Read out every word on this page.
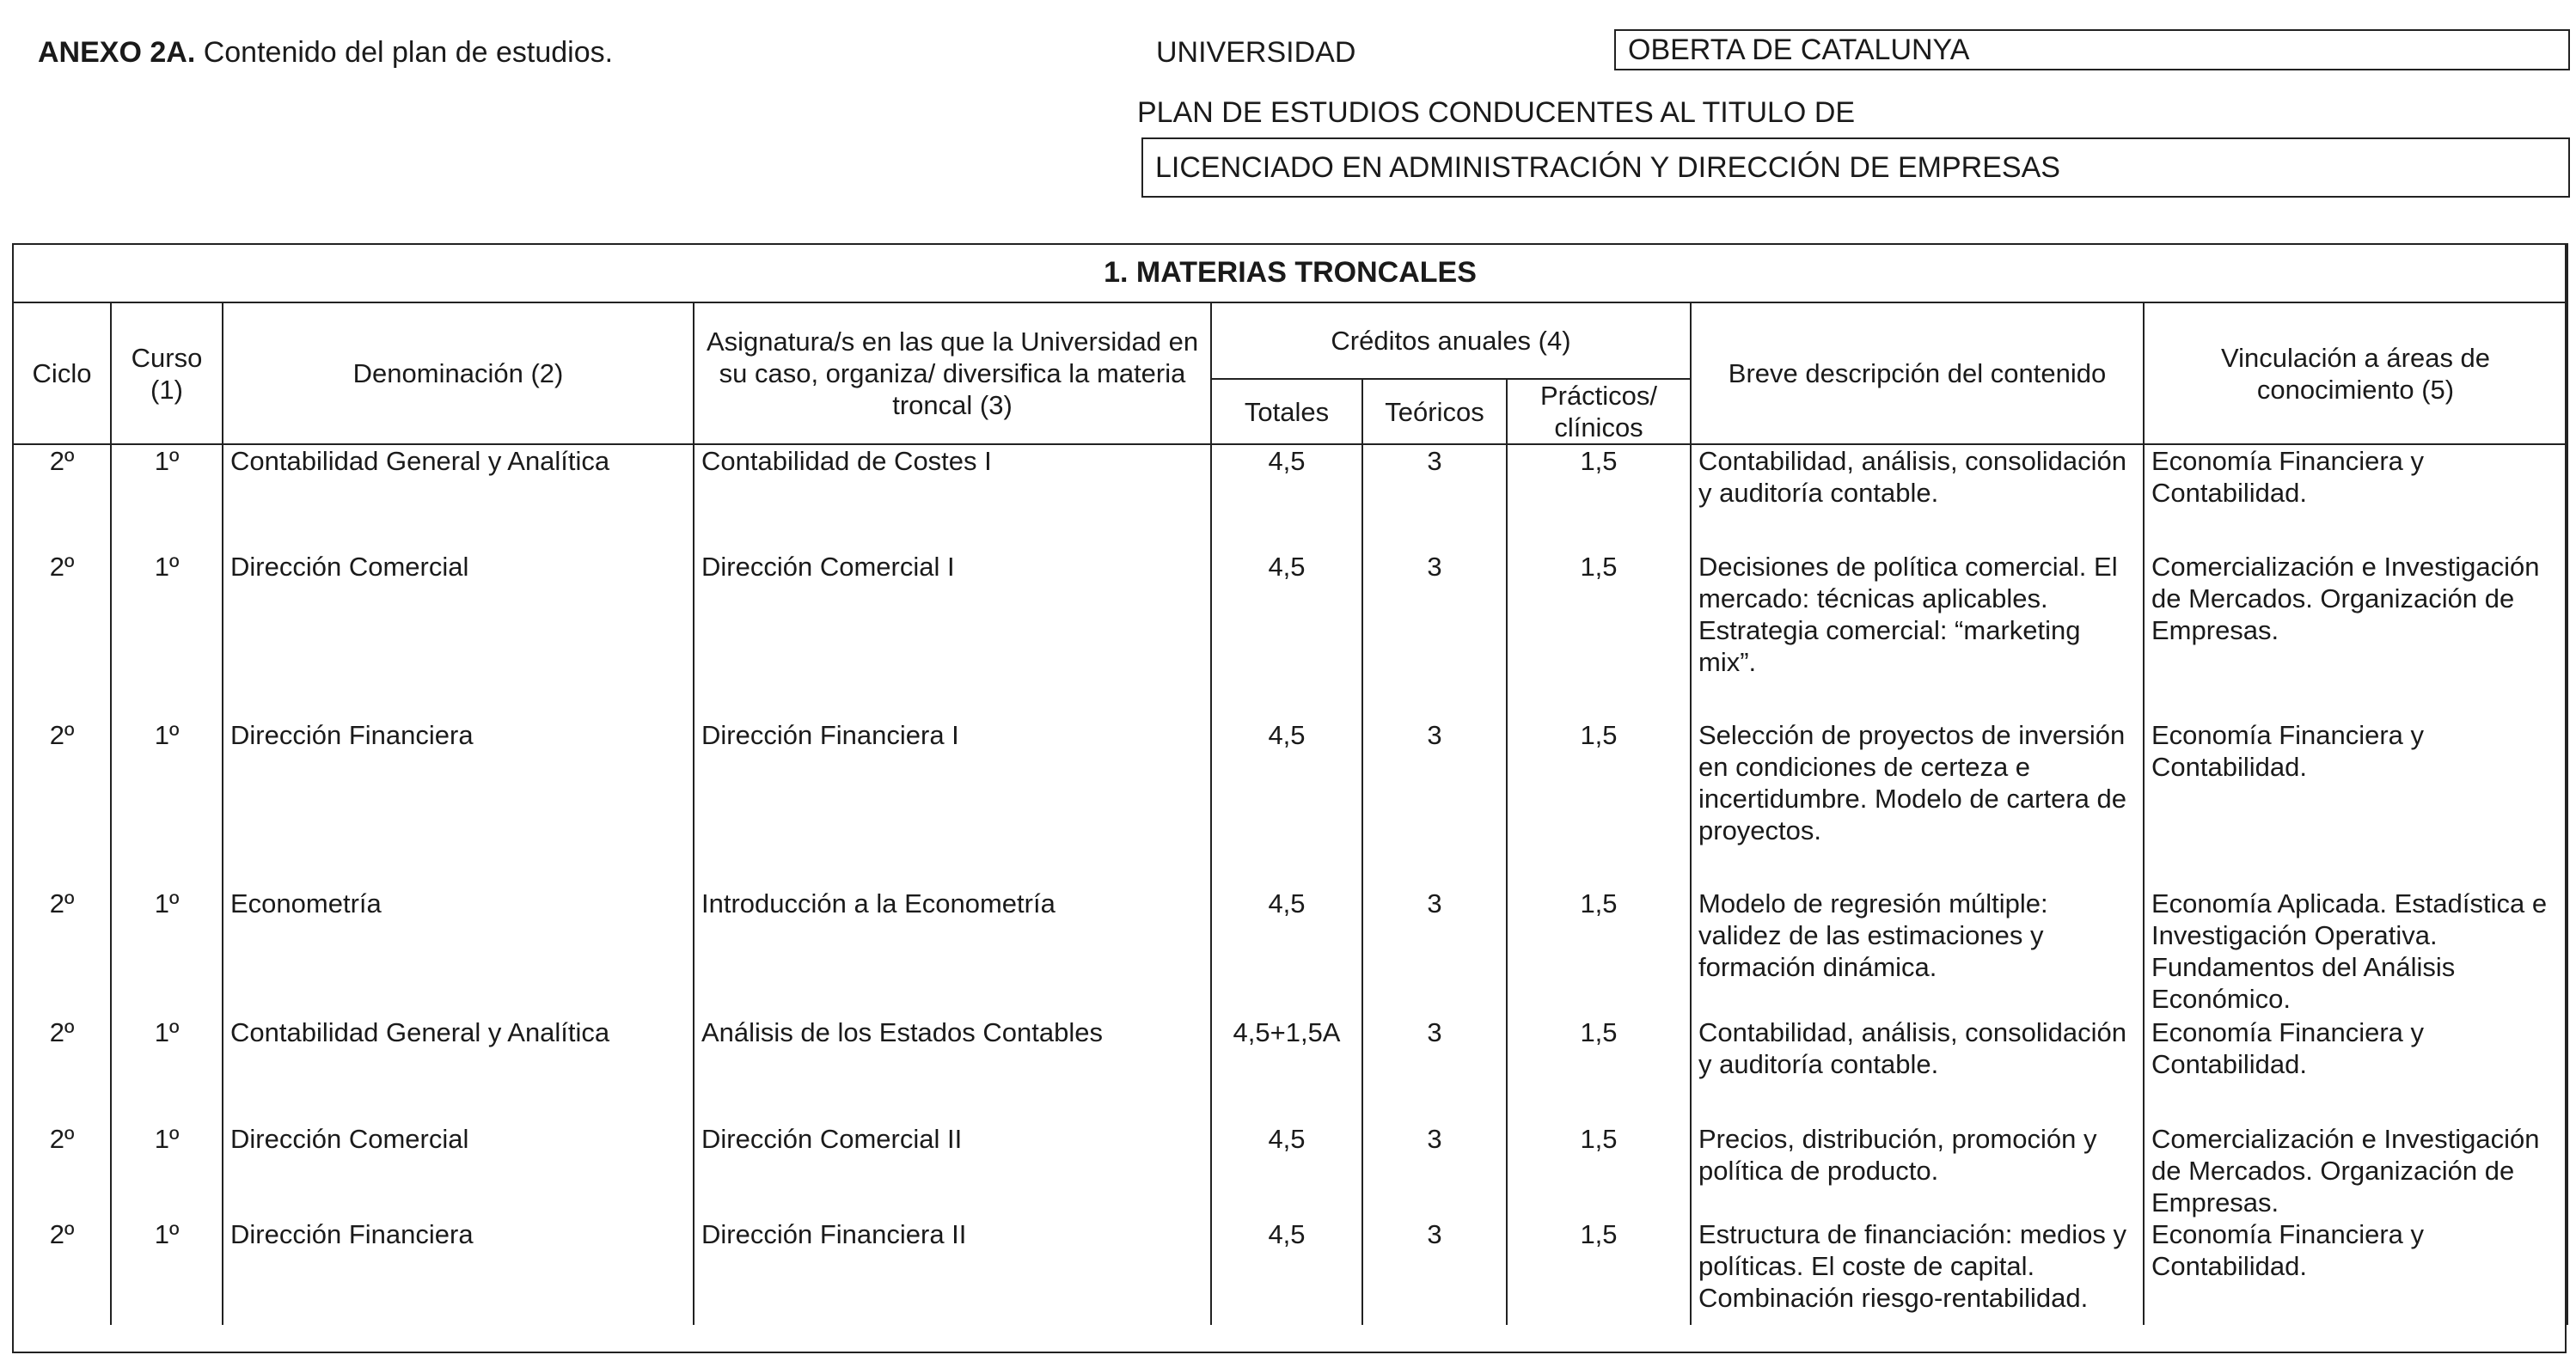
ANEXO 2A. Contenido del plan de estudios.	UNIVERSIDAD	OBERTA DE CATALUNYA
PLAN DE ESTUDIOS CONDUCENTES AL TITULO DE
LICENCIADO EN ADMINISTRACIÓN Y DIRECCIÓN DE EMPRESAS
1. MATERIAS TRONCALES								
Ciclo	Curso (1)	Denominación (2)	Asignatura/s en las que la Universidad en su caso, organiza/ diversifica la materia troncal (3)	Créditos anuales (4)			Breve descripción del contenido	Vinculación a áreas de conocimiento (5)
				Totales	Teóricos	Prácticos/ clínicos		
2º	1º	Contabilidad General y Analítica	Contabilidad de Costes I	4,5	3	1,5	Contabilidad, análisis, consolidación y auditoría contable.	Economía Financiera y Contabilidad.
2º	1º	Dirección Comercial	Dirección Comercial I	4,5	3	1,5	Decisiones de política comercial. El mercado: técnicas aplicables. Estrategia comercial: “marketing mix”.	Comercialización e Investigación de Mercados. Organización de Empresas.
2º	1º	Dirección Financiera	Dirección Financiera I	4,5	3	1,5	Selección de proyectos de inversión en condiciones de certeza e incertidumbre. Modelo de cartera de proyectos.	Economía Financiera y Contabilidad.
2º	1º	Econometría	Introducción a la Econometría	4,5	3	1,5	Modelo de regresión múltiple: validez de las estimaciones y formación dinámica.	Economía Aplicada. Estadística e Investigación Operativa. Fundamentos del Análisis Económico.
2º	1º	Contabilidad General y Analítica	Análisis de los Estados Contables	4,5+1,5A	3	1,5	Contabilidad, análisis, consolidación y auditoría contable.	Economía Financiera y Contabilidad.
2º	1º	Dirección Comercial	Dirección Comercial II	4,5	3	1,5	Precios, distribución, promoción y política de producto.	Comercialización e Investigación de Mercados. Organización de Empresas.
2º	1º	Dirección Financiera	Dirección Financiera II	4,5	3	1,5	Estructura de financiación: medios y políticas. El coste de capital. Combinación riesgo-rentabilidad.	Economía Financiera y Contabilidad.
